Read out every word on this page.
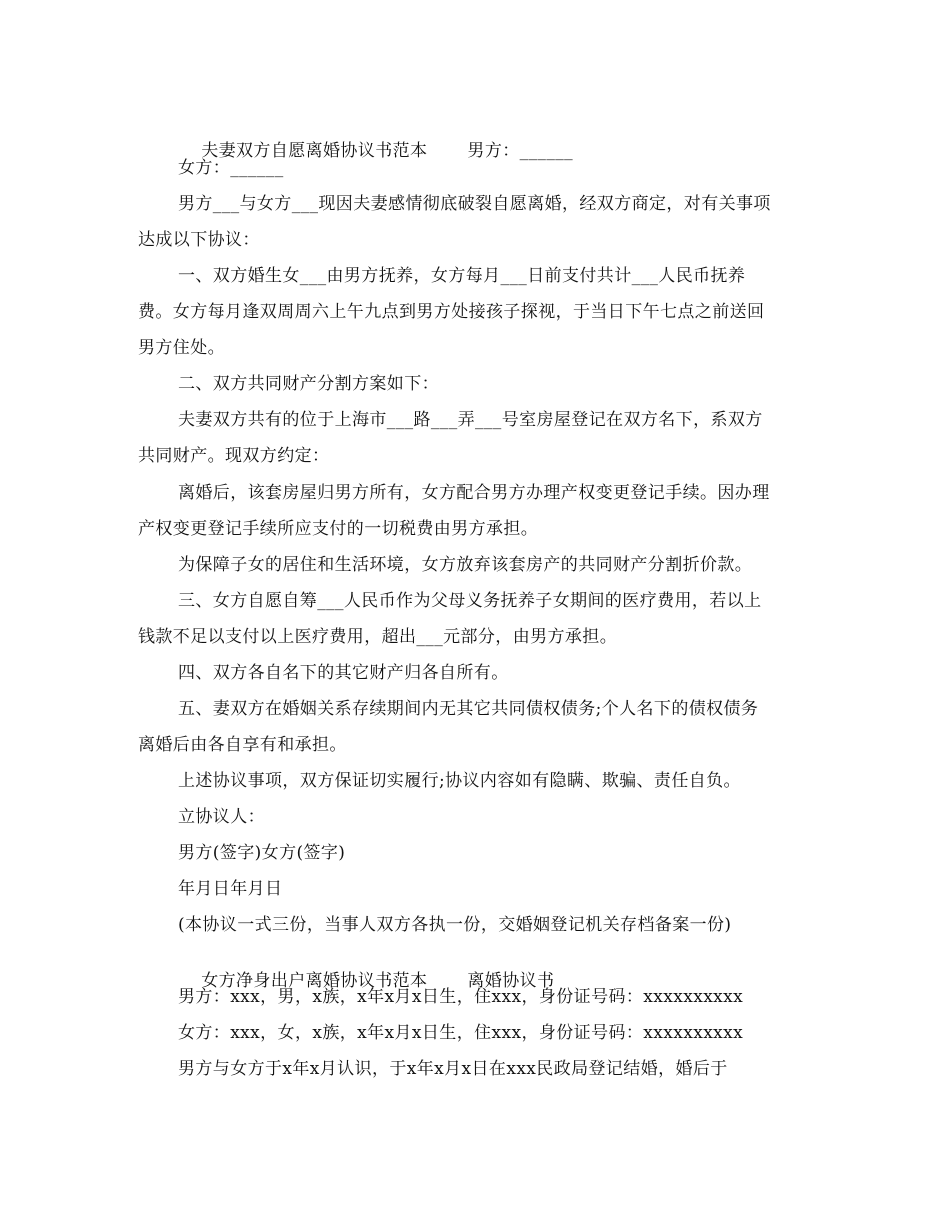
夫妻双方自愿离婚协议书范本 男方：______

女方：______
男方___与女方___现因夫妻感情彻底破裂自愿离婚，经双方商定，对有关事项
达成以下协议：
一、双方婚生女___由男方抚养，女方每月___日前支付共计___人民币抚养
费。女方每月逢双周周六上午九点到男方处接孩子探视，于当日下午七点之前送回
男方住处。
二、双方共同财产分割方案如下：
夫妻双方共有的位于上海市___路___弄___号室房屋登记在双方名下，系双方
共同财产。现双方约定：
离婚后，该套房屋归男方所有，女方配合男方办理产权变更登记手续。因办理
产权变更登记手续所应支付的一切税费由男方承担。
为保障子女的居住和生活环境，女方放弃该套房产的共同财产分割折价款。
三、女方自愿自筹___人民币作为父母义务抚养子女期间的医疗费用，若以上
钱款不足以支付以上医疗费用，超出___元部分，由男方承担。
四、双方各自名下的其它财产归各自所有。
五、妻双方在婚姻关系存续期间内无其它共同债权债务;个人名下的债权债务
离婚后由各自享有和承担。
上述协议事项，双方保证切实履行;协议内容如有隐瞒、欺骗、责任自负。
立协议人：
男方(签字)女方(签字)
年月日年月日
(本协议一式三份，当事人双方各执一份，交婚姻登记机关存档备案一份)

女方净身出户离婚协议书范本 离婚协议书

男方：xxx，男，x族，x年x月x日生，住xxx，身份证号码：xxxxxxxxxx
女方：xxx，女，x族，x年x月x日生，住xxx，身份证号码：xxxxxxxxxx
男方与女方于x年x月认识，于x年x月x日在xxx民政局登记结婚，婚后于
